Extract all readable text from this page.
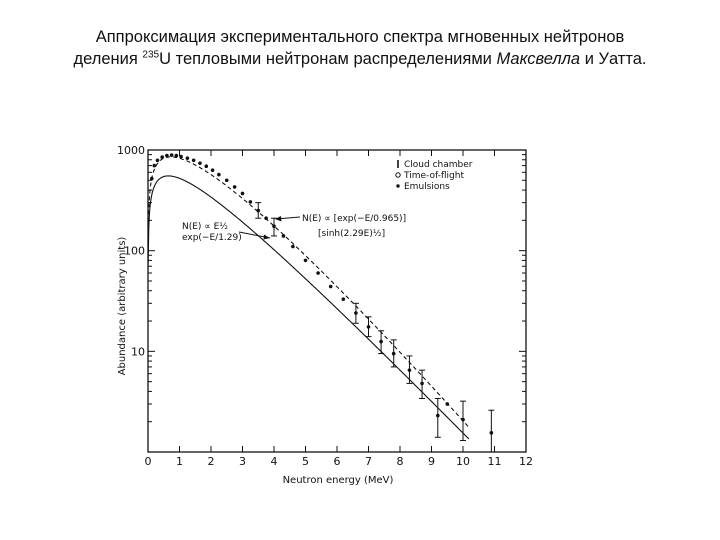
Аппроксимация экспериментального спектра мгновенных нейтронов
деления $^{235}$U тепловыми нейтронам распределениями Максвелла и Уатта.
0 1 2 3 4 5 6 7 8 9 10 11 12
1000
100
10
Cloud chamber
Time-of-flight
Emulsions
N(E) ∝ E½
exp(−E/1.29)
N(E) ∝ [exp(−E/0.965)]
[sinh(2.29E)½]
Neutron energy (MeV)
Abundance (arbitrary units)
